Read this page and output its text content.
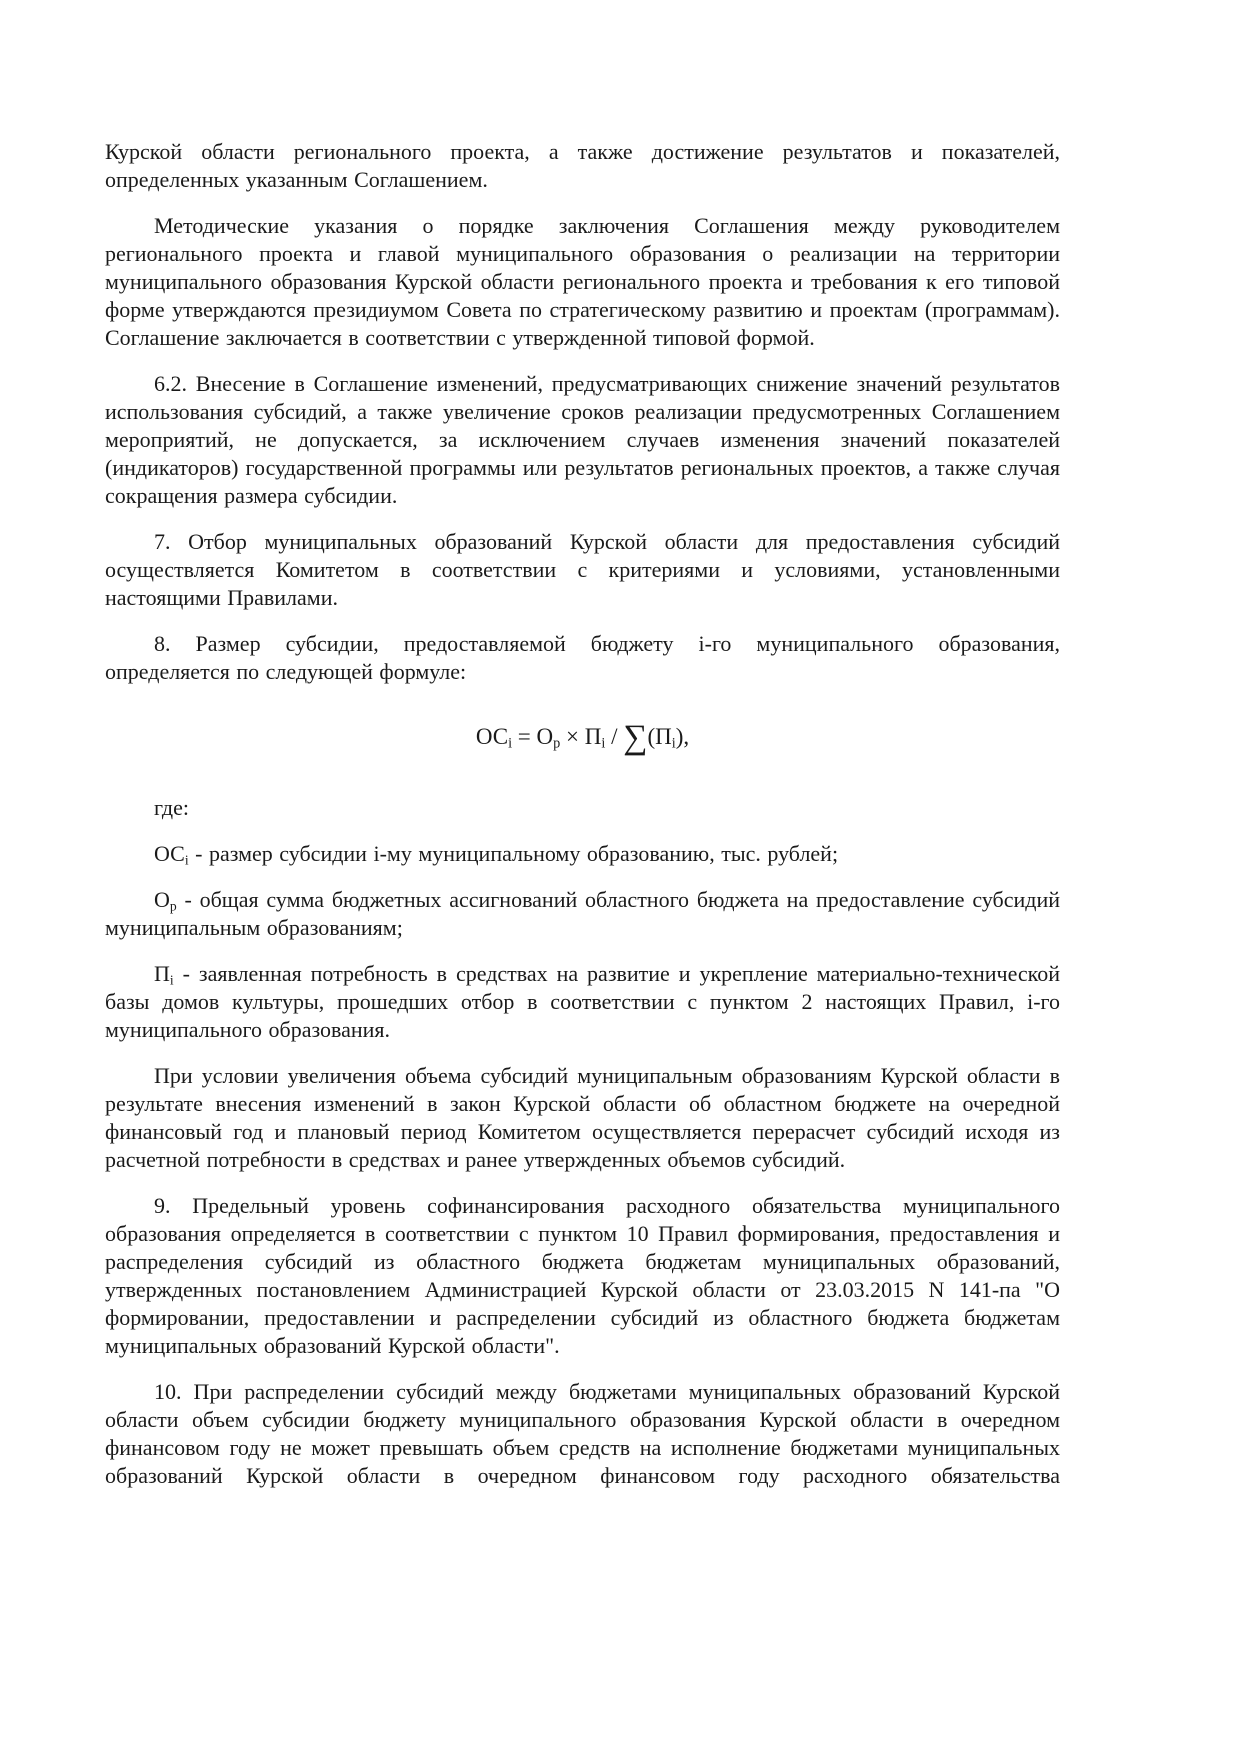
Курской области регионального проекта, а также достижение результатов и показателей, определенных указанным Соглашением.

Методические указания о порядке заключения Соглашения между руководителем регионального проекта и главой муниципального образования о реализации на территории муниципального образования Курской области регионального проекта и требования к его типовой форме утверждаются президиумом Совета по стратегическому развитию и проектам (программам). Соглашение заключается в соответствии с утвержденной типовой формой.

6.2. Внесение в Соглашение изменений, предусматривающих снижение значений результатов использования субсидий, а также увеличение сроков реализации предусмотренных Соглашением мероприятий, не допускается, за исключением случаев изменения значений показателей (индикаторов) государственной программы или результатов региональных проектов, а также случая сокращения размера субсидии.

7. Отбор муниципальных образований Курской области для предоставления субсидий осуществляется Комитетом в соответствии с критериями и условиями, установленными настоящими Правилами.

8. Размер субсидии, предоставляемой бюджету i-го муниципального образования, определяется по следующей формуле:

$ОС_i = О_р \times П_i / \sum(П_i)$,

где:

$ОС_i$ - размер субсидии i-му муниципальному образованию, тыс. рублей;

$О_р$ - общая сумма бюджетных ассигнований областного бюджета на предоставление субсидий муниципальным образованиям;

$П_i$ - заявленная потребность в средствах на развитие и укрепление материально-технической базы домов культуры, прошедших отбор в соответствии с пунктом 2 настоящих Правил, i-го муниципального образования.

При условии увеличения объема субсидий муниципальным образованиям Курской области в результате внесения изменений в закон Курской области об областном бюджете на очередной финансовый год и плановый период Комитетом осуществляется перерасчет субсидий исходя из расчетной потребности в средствах и ранее утвержденных объемов субсидий.

9. Предельный уровень софинансирования расходного обязательства муниципального образования определяется в соответствии с пунктом 10 Правил формирования, предоставления и распределения субсидий из областного бюджета бюджетам муниципальных образований, утвержденных постановлением Администрацией Курской области от 23.03.2015 N 141-па "О формировании, предоставлении и распределении субсидий из областного бюджета бюджетам муниципальных образований Курской области".

10. При распределении субсидий между бюджетами муниципальных образований Курской области объем субсидии бюджету муниципального образования Курской области в очередном финансовом году не может превышать объем средств на исполнение бюджетами муниципальных образований Курской области в очередном финансовом году расходного обязательства
